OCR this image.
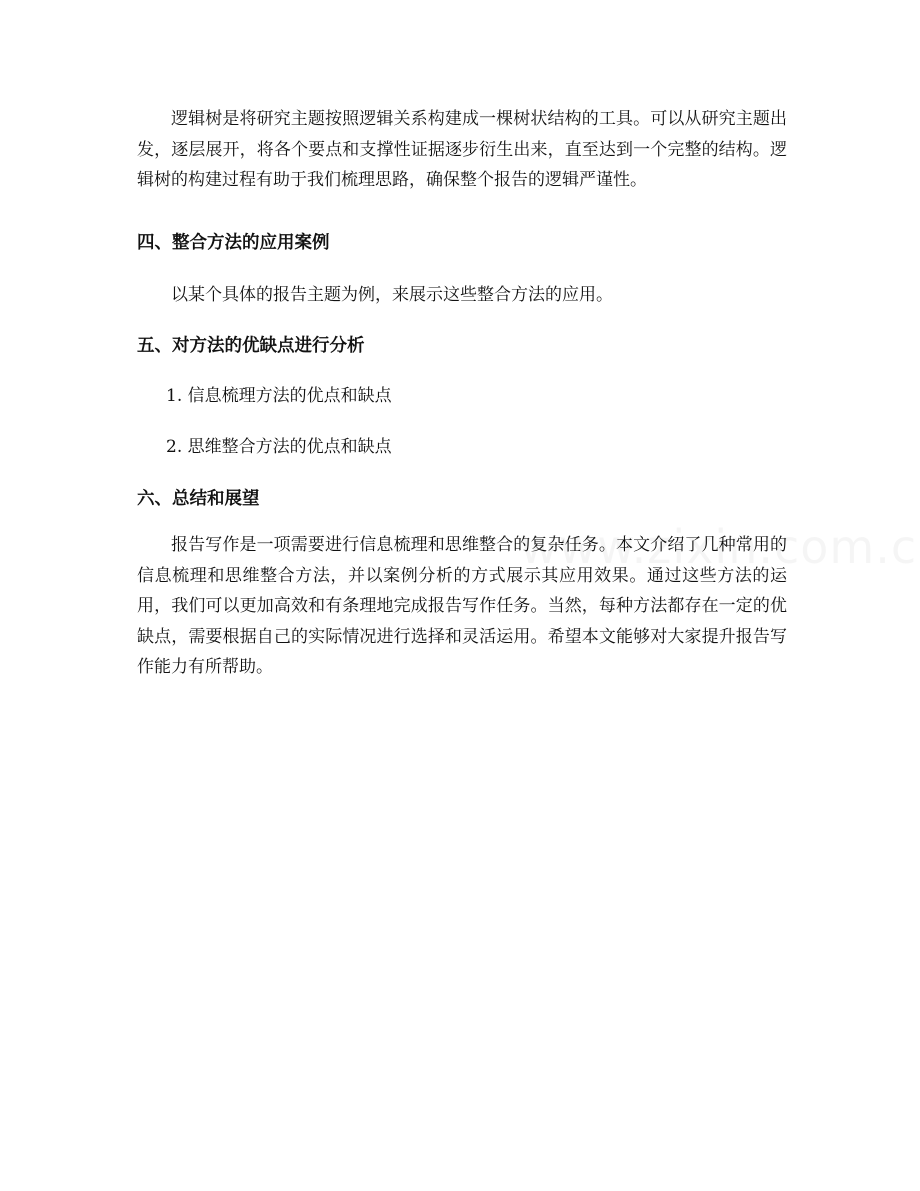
逻辑树是将研究主题按照逻辑关系构建成一棵树状结构的工具。可以从研究主题出发，逐层展开，将各个要点和支撑性证据逐步衍生出来，直至达到一个完整的结构。逻辑树的构建过程有助于我们梳理思路，确保整个报告的逻辑严谨性。

四、整合方法的应用案例

以某个具体的报告主题为例，来展示这些整合方法的应用。

五、对方法的优缺点进行分析

1. 信息梳理方法的优点和缺点

2. 思维整合方法的优点和缺点

六、总结和展望

报告写作是一项需要进行信息梳理和思维整合的复杂任务。本文介绍了几种常用的信息梳理和思维整合方法，并以案例分析的方式展示其应用效果。通过这些方法的运用，我们可以更加高效和有条理地完成报告写作任务。当然，每种方法都存在一定的优缺点，需要根据自己的实际情况进行选择和灵活运用。希望本文能够对大家提升报告写作能力有所帮助。
